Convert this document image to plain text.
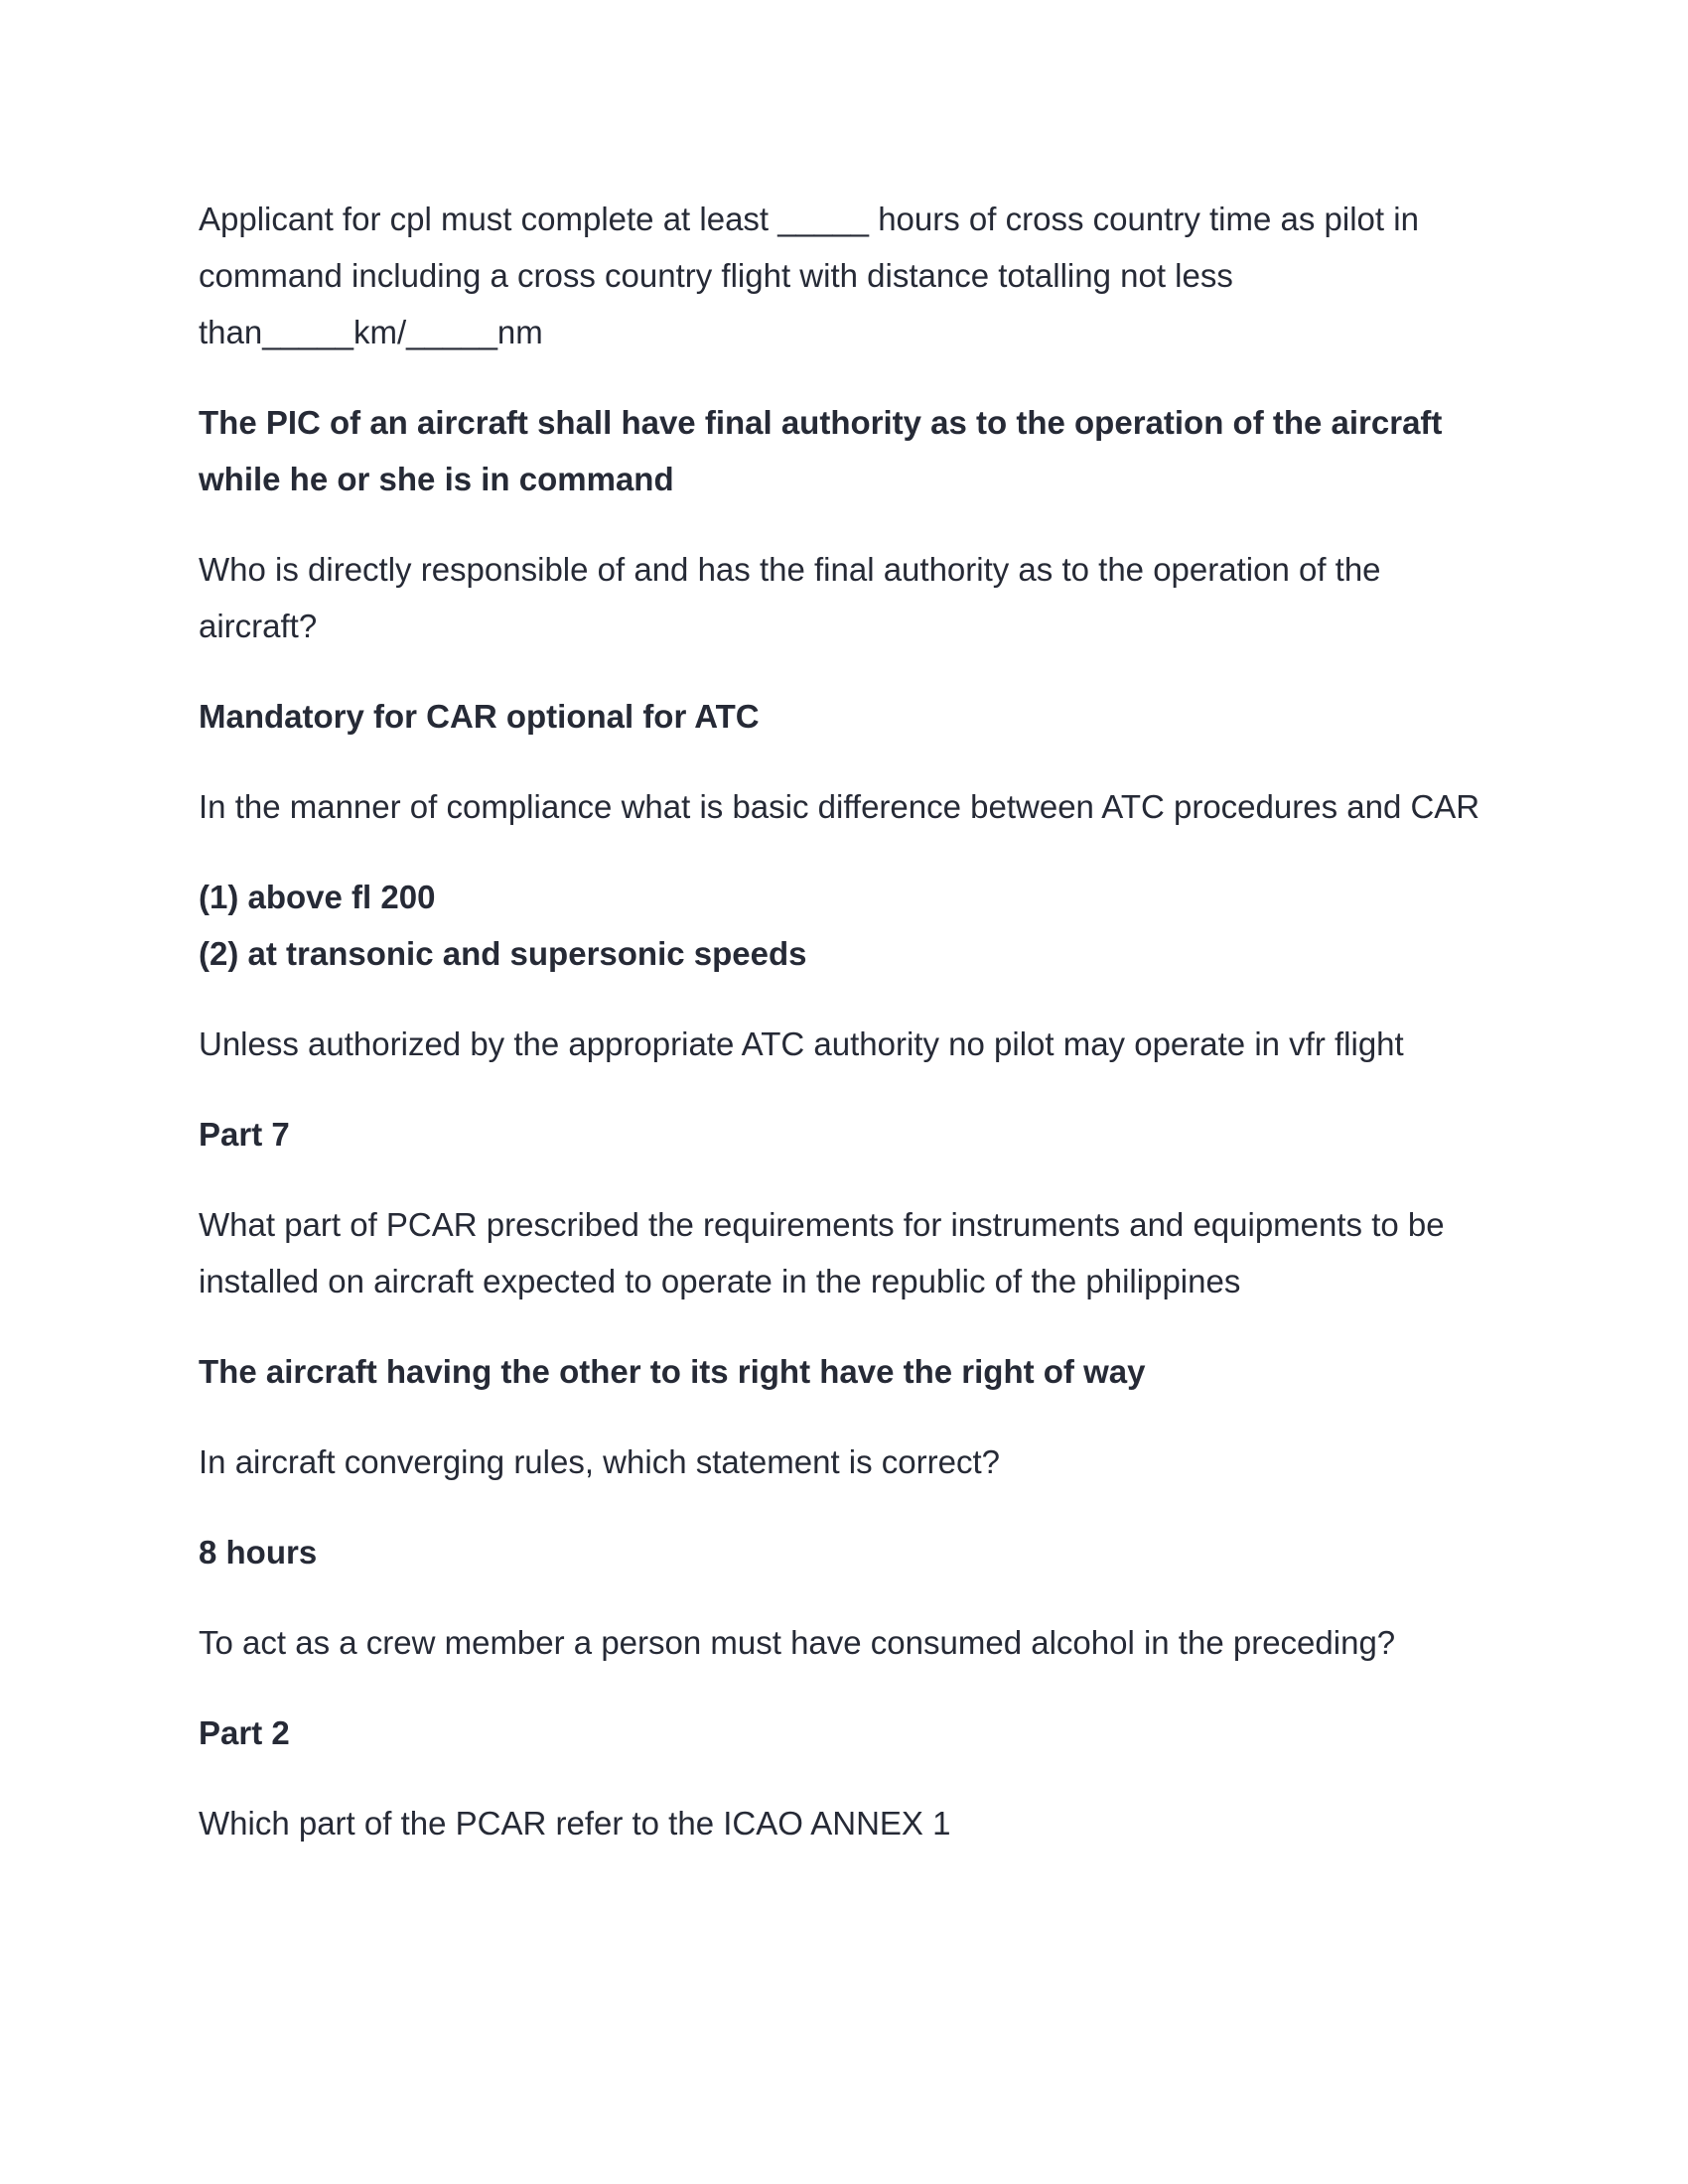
Applicant for cpl must complete at least _____ hours of cross country time as pilot in command including a cross country flight with distance totalling not less than_____km/_____nm

The PIC of an aircraft shall have final authority as to the operation of the aircraft while he or she is in command

Who is directly responsible of and has the final authority as to the operation of the aircraft?

Mandatory for CAR optional for ATC

In the manner of compliance what is basic difference between ATC procedures and CAR

(1) above fl 200

(2) at transonic and supersonic speeds

Unless authorized by the appropriate ATC authority no pilot may operate in vfr flight

Part 7

What part of PCAR prescribed the requirements for instruments and equipments to be installed on aircraft expected to operate in the republic of the philippines

The aircraft having the other to its right have the right of way

In aircraft converging rules, which statement is correct?

8 hours

To act as a crew member a person must have consumed alcohol in the preceding?

Part 2

Which part of the PCAR refer to the ICAO ANNEX 1
